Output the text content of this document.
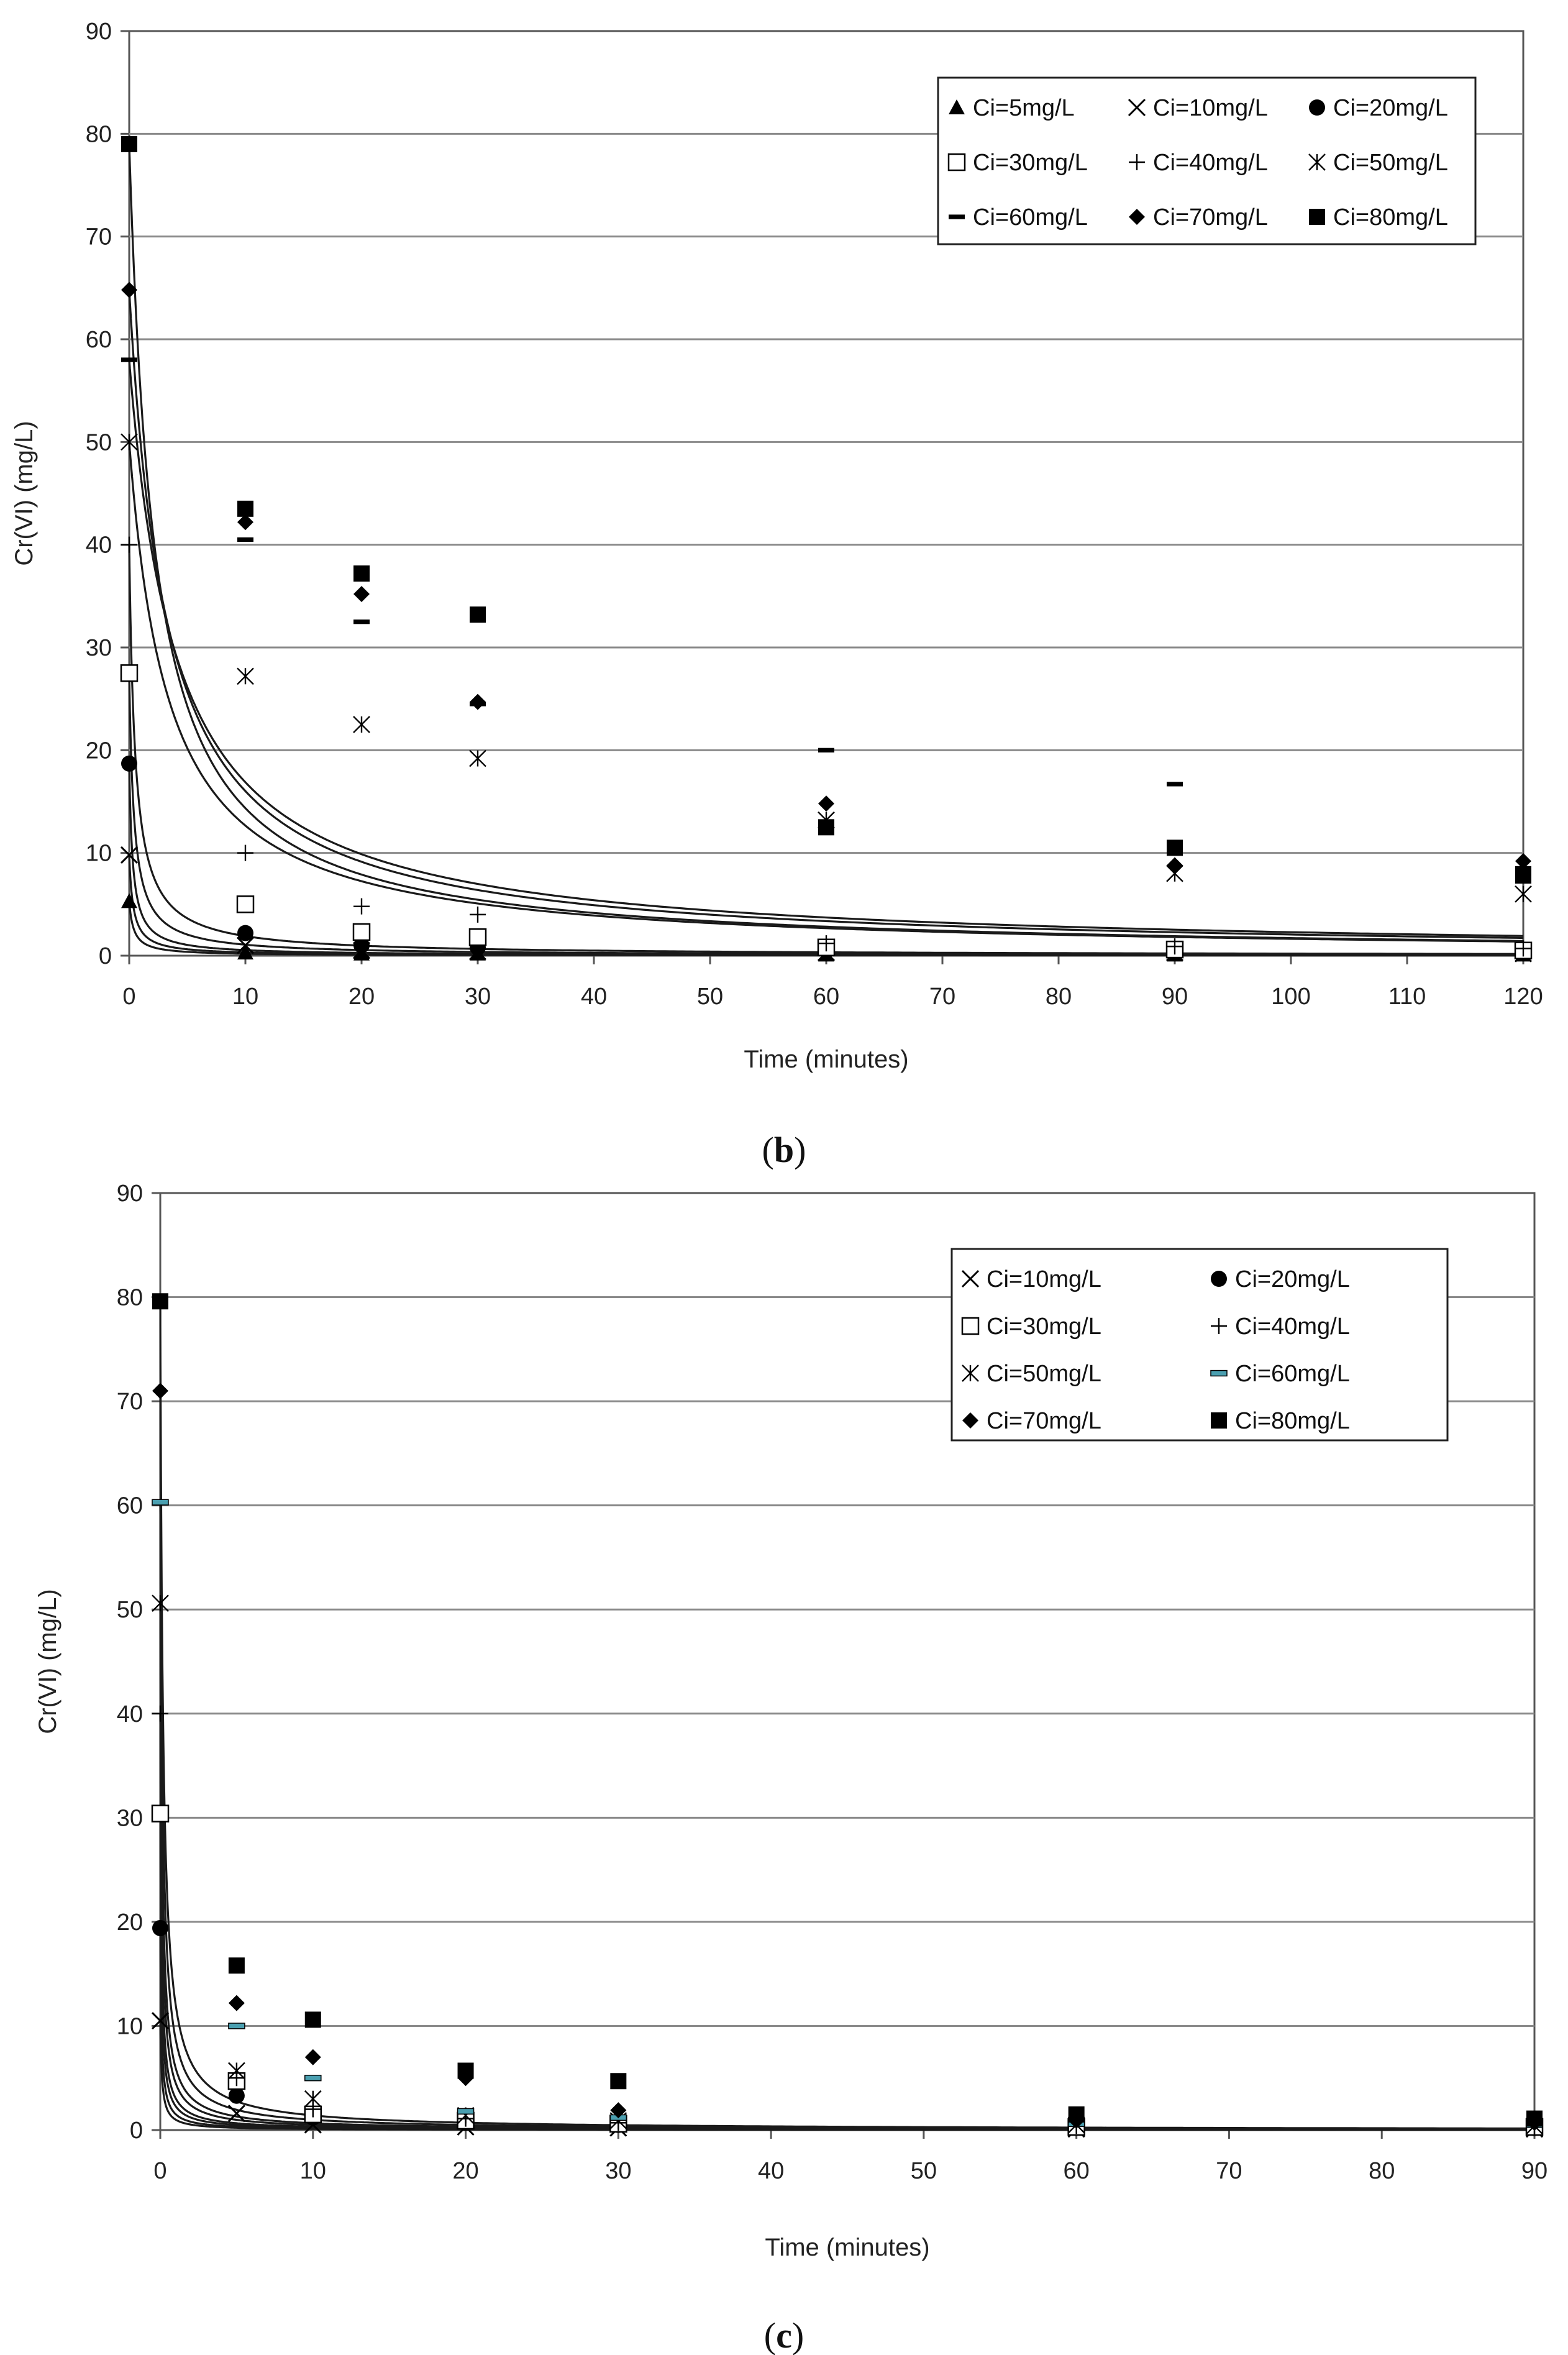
0
10
20
30
40
50
60
70
80
90
0	10	20	30	40	50	60	70	80	90	100	110	120
Time (minutes)
Cr(VI) (mg/L)
Ci=5mg/L	Ci=10mg/L	Ci=20mg/L
Ci=30mg/L	Ci=40mg/L	Ci=50mg/L
Ci=60mg/L	Ci=70mg/L	Ci=80mg/L
(b)
0
10
20
30
40
50
60
70
80
90
0	10	20	30	40	50	60	70	80	90
Time (minutes)
Cr(VI) (mg/L)
Ci=10mg/L	Ci=20mg/L
Ci=30mg/L	Ci=40mg/L
Ci=50mg/L	Ci=60mg/L
Ci=70mg/L	Ci=80mg/L
(c)
